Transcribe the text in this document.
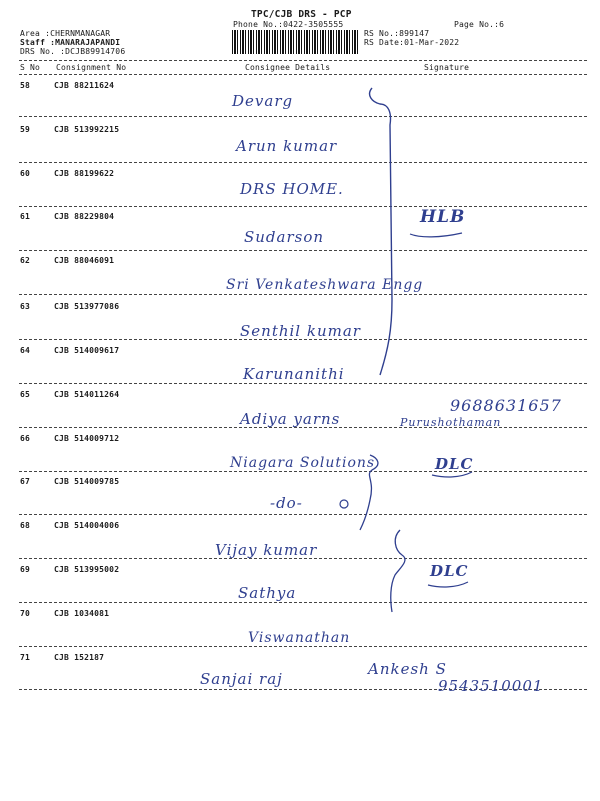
TPC/CJB DRS - PCP
Phone No.:0422-3505555	Page No.:6
Area :CHERNMANAGAR
Staff :MANARAJAPANDI
DRS No. :DCJB89914706
RS No.:899147
RS Date:01-Mar-2022
S No Consignment No	Consignee Details	Signature
58	CJB 88211624
Devarg
59	CJB 513992215
Arun kumar
60	CJB 88199622
DRS HOME.
61	CJB 88229804
Sudarson
62	CJB 88046091
Sri Venkateshwara Engg
63	CJB 513977086
Senthil kumar
64	CJB 514009617
Karunanithi
65	CJB 514011264
Adiya yarns
66	CJB 514009712
Niagara Solutions
67	CJB 514009785
-do-
68	CJB 514004006
Vijay kumar
69	CJB 513995002
Sathya
70	CJB 1034081
Viswanathan
71	CJB 152187
Sanjai raj
HLB
9688631657
Purushothaman
DLC
DLC
Ankesh S
9543510001
